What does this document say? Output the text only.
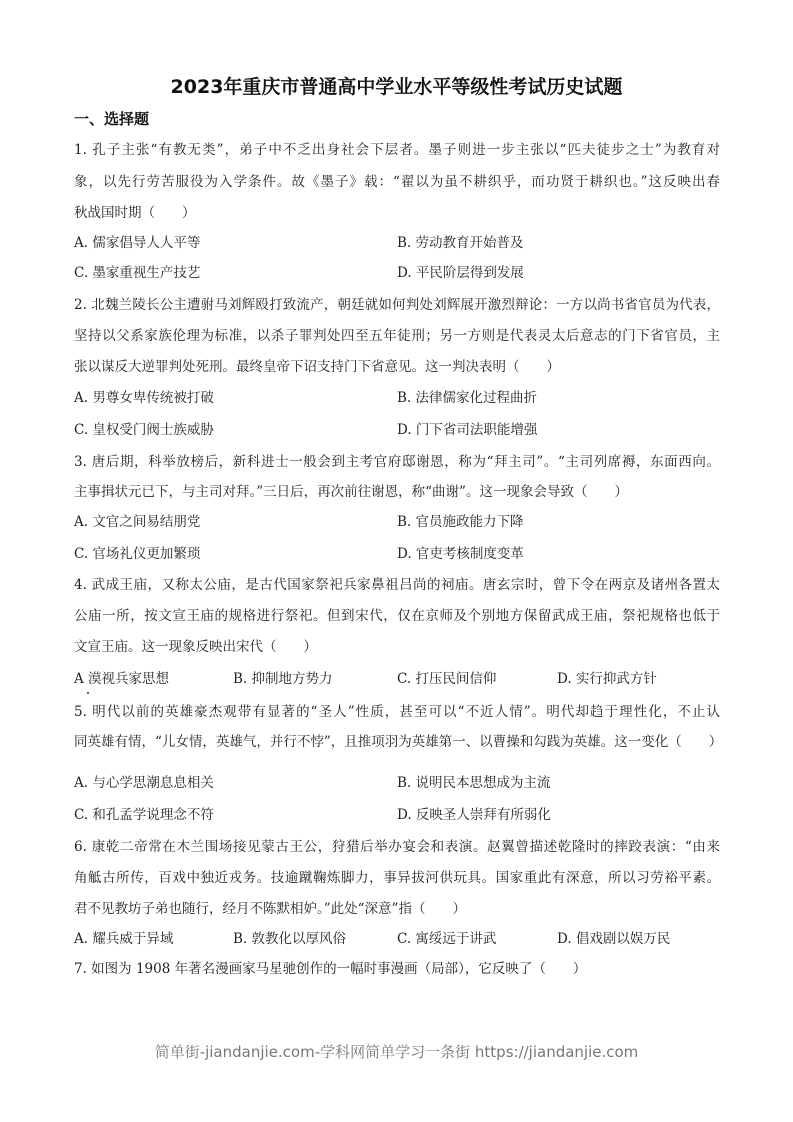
2023年重庆市普通高中学业水平等级性考试历史试题
一、选择题
1. 孔子主张“有教无类”，弟子中不乏出身社会下层者。墨子则进一步主张以“匹夫徒步之士”为教育对
象，以先行劳苦服役为入学条件。故《墨子》载：“翟以为虽不耕织乎，而功贤于耕织也。”这反映出春
秋战国时期（　　）
A. 儒家倡导人人平等	B. 劳动教育开始普及
C. 墨家重视生产技艺	D. 平民阶层得到发展
2. 北魏兰陵长公主遭驸马刘辉殴打致流产，朝廷就如何判处刘辉展开激烈辩论：一方以尚书省官员为代表，
坚持以父系家族伦理为标准，以杀子罪判处四至五年徒刑；另一方则是代表灵太后意志的门下省官员，主
张以谋反大逆罪判处死刑。最终皇帝下诏支持门下省意见。这一判决表明（　　）
A. 男尊女卑传统被打破	B. 法律儒家化过程曲折
C. 皇权受门阀士族威胁	D. 门下省司法职能增强
3. 唐后期，科举放榜后，新科进士一般会到主考官府邸谢恩，称为“拜主司”。“主司列席褥，东面西向。
主事揖状元已下，与主司对拜。”三日后，再次前往谢恩，称“曲谢”。这一现象会导致（　　）
A. 文官之间易结朋党	B. 官员施政能力下降
C. 官场礼仪更加繁琐	D. 官吏考核制度变革
4. 武成王庙，又称太公庙，是古代国家祭祀兵家鼻祖吕尚的祠庙。唐玄宗时，曾下令在两京及诸州各置太
公庙一所，按文宣王庙的规格进行祭祀。但到宋代，仅在京师及个别地方保留武成王庙，祭祀规格也低于
文宣王庙。这一现象反映出宋代（　　）
A 漠视兵家思想	B. 抑制地方势力	C. 打压民间信仰	D. 实行抑武方针
5. 明代以前的英雄豪杰观带有显著的“圣人”性质，甚至可以“不近人情”。明代却趋于理性化，不止认
同英雄有情，“儿女情，英雄气，并行不悖”，且推项羽为英雄第一、以曹操和勾践为英雄。这一变化（　　）
A. 与心学思潮息息相关	B. 说明民本思想成为主流
C. 和孔孟学说理念不符	D. 反映圣人崇拜有所弱化
6. 康乾二帝常在木兰围场接见蒙古王公，狩猎后举办宴会和表演。赵翼曾描述乾隆时的摔跤表演：“由来
角觝古所传，百戏中独近戎务。技逾蹴鞠炼脚力，事异拔河供玩具。国家重此有深意，所以习劳裕平素。
君不见教坊子弟也随行，经月不陈默相妒。”此处“深意”指（　　）
A. 耀兵威于异域	B. 敦教化以厚风俗	C. 寓绥远于讲武	D. 倡戏剧以娱万民
7. 如图为 1908 年著名漫画家马星驰创作的一幅时事漫画（局部），它反映了（　　）
简单街-jiandanjie.com-学科网简单学习一条街 https://jiandanjie.com
